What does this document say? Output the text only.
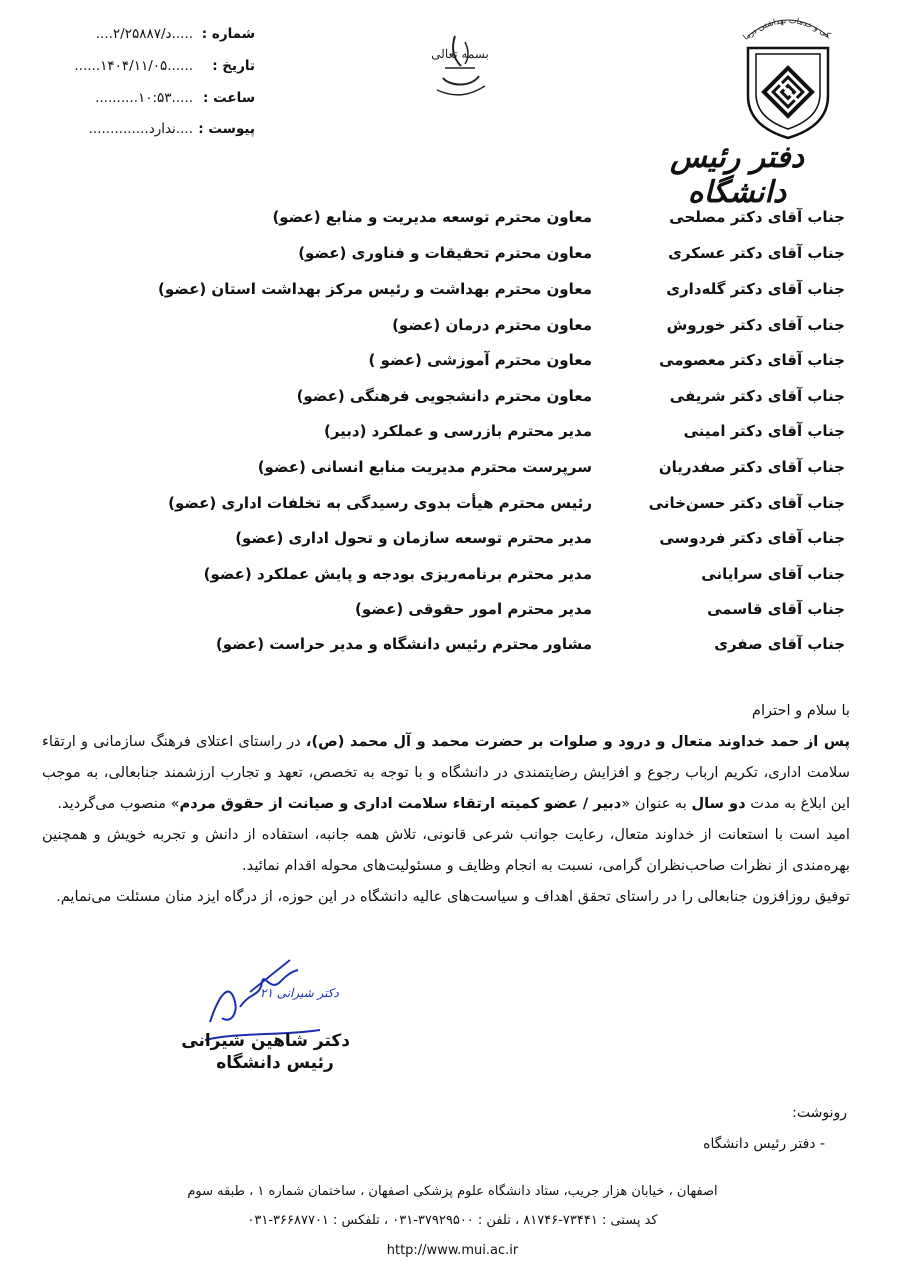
کی و خدمات بهداشتی درما
دفتر رئیس دانشگاه
بسمه تعالی
شماره :
....د/۲/۲۵۸۸۷.....
تاریخ :
......۱۴۰۴/۱۱/۰۵......
ساعت :
..........۱۰:۵۳.....
پیوست :
..............ندارد....
جناب آقای دکتر مصلحی
معاون محترم توسعه مدیریت و منابع (عضو)
جناب آقای دکتر عسکری
معاون محترم تحقیقات و فناوری (عضو)
جناب آقای دکتر گله‌داری
معاون محترم بهداشت و رئیس مرکز بهداشت استان (عضو)
جناب آقای دکتر خوروش
معاون محترم درمان (عضو)
جناب آقای دکتر معصومی
معاون محترم آموزشی (عضو )
جناب آقای دکتر شریفی
معاون محترم دانشجویی فرهنگی (عضو)
جناب آقای دکتر امینی
مدیر محترم بازرسی و عملکرد (دبیر)
جناب آقای دکتر صفدریان
سرپرست محترم مدیریت منابع انسانی (عضو)
جناب آقای دکتر حسن‌خانی
رئیس محترم هیأت بدوی رسیدگی به تخلفات اداری (عضو)
جناب آقای دکتر فردوسی
مدیر محترم توسعه سازمان و تحول اداری (عضو)
جناب آقای سرایانی
مدیر محترم برنامه‌ریزی بودجه و پایش عملکرد (عضو)
جناب آقای قاسمی
مدیر محترم امور حقوقی (عضو)
جناب آقای صفری
مشاور محترم رئیس دانشگاه و مدیر حراست (عضو)

با سلام و احترام

پس از حمد خداوند متعال و درود و صلوات بر حضرت محمد و آل محمد (ص)، در راستای اعتلای فرهنگ سازمانی و ارتقاء سلامت اداری، تکریم ارباب رجوع و افزایش رضایتمندی در دانشگاه و با توجه به تخصص، تعهد و تجارب ارزشمند جنابعالی، به موجب این ابلاغ به مدت دو سال به عنوان «دبیر / عضو کمیته ارتقاء سلامت اداری و صیانت از حقوق مردم» منصوب می‌گردید.

امید است با استعانت از خداوند متعال، رعایت جوانب شرعی قانونی، تلاش همه جانبه، استفاده از دانش و تجربه خویش و همچنین بهره‌مندی از نظرات صاحب‌نظران گرامی، نسبت به انجام وظایف و مسئولیت‌های محوله اقدام نمائید.

توفیق روزافزون جنابعالی را در راستای تحقق اهداف و سیاست‌های عالیه دانشگاه در این حوزه، از درگاه ایزد منان مسئلت می‌نمایم.

دکتر شیرانی ۲۱
دکتر شاهین شیرانی
رئیس دانشگاه
رونوشت:
- دفتر رئیس دانشگاه
اصفهان ، خیابان هزار جریب، ستاد دانشگاه علوم پزشکی اصفهان ، ساختمان شماره ۱ ، طبقه سوم
کد پستی : ۷۳۴۴۱-۸۱۷۴۶ ، تلفن : ۳۷۹۲۹۵۰۰-۰۳۱ ، تلفکس : ۳۶۶۸۷۷۰۱-۰۳۱
http://www.mui.ac.ir
